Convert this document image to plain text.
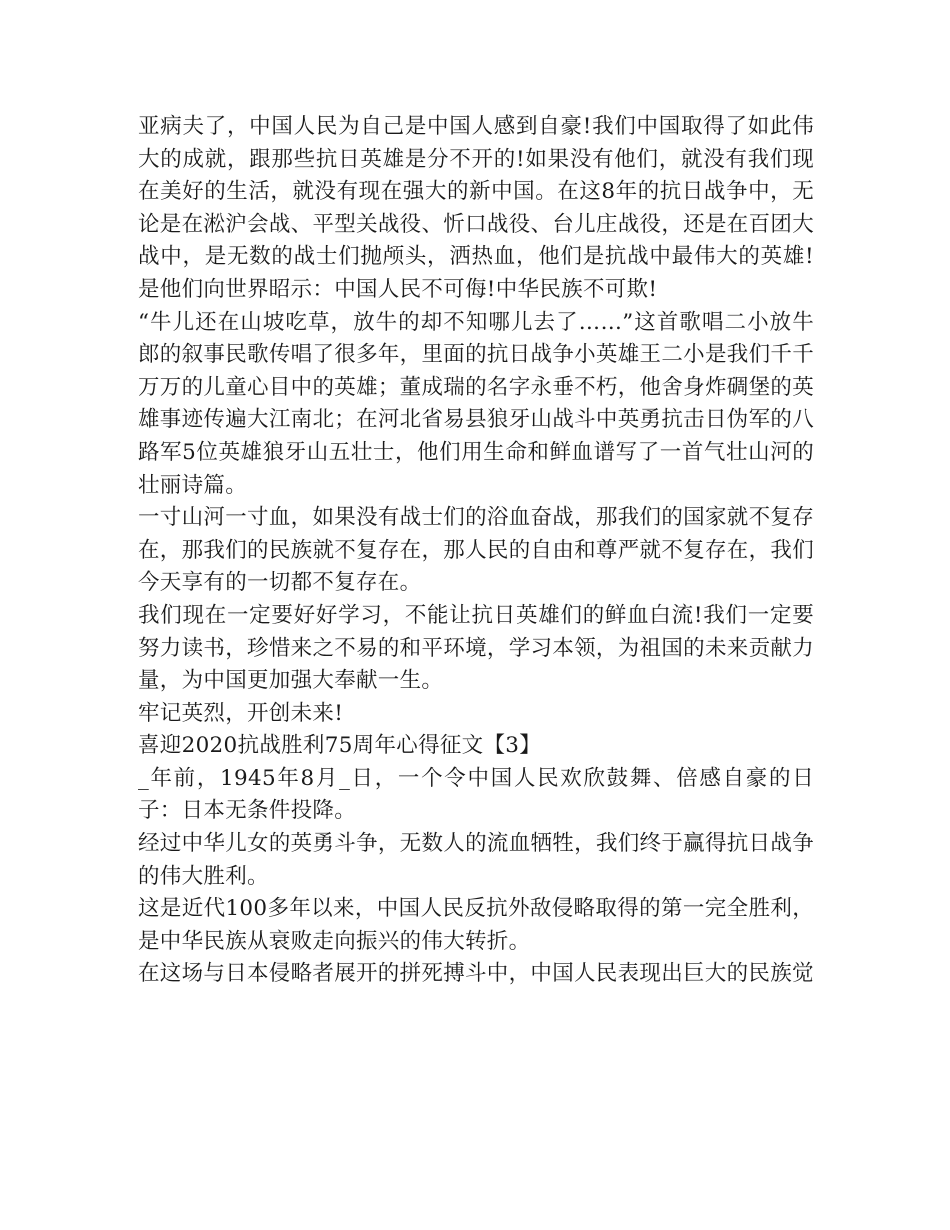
亚病夫了，中国人民为自己是中国人感到自豪!我们中国取得了如此伟大的成就，跟那些抗日英雄是分不开的!如果没有他们，就没有我们现在美好的生活，就没有现在强大的新中国。在这8年的抗日战争中，无论是在淞沪会战、平型关战役、忻口战役、台儿庄战役，还是在百团大战中，是无数的战士们抛颅头，洒热血，他们是抗战中最伟大的英雄!是他们向世界昭示：中国人民不可侮!中华民族不可欺!

“牛儿还在山坡吃草，放牛的却不知哪儿去了……”这首歌唱二小放牛郎的叙事民歌传唱了很多年，里面的抗日战争小英雄王二小是我们千千万万的儿童心目中的英雄；董成瑞的名字永垂不朽，他舍身炸碉堡的英雄事迹传遍大江南北；在河北省易县狼牙山战斗中英勇抗击日伪军的八路军5位英雄狼牙山五壮士，他们用生命和鲜血谱写了一首气壮山河的壮丽诗篇。

一寸山河一寸血，如果没有战士们的浴血奋战，那我们的国家就不复存在，那我们的民族就不复存在，那人民的自由和尊严就不复存在，我们今天享有的一切都不复存在。

我们现在一定要好好学习，不能让抗日英雄们的鲜血白流!我们一定要努力读书，珍惜来之不易的和平环境，学习本领，为祖国的未来贡献力量，为中国更加强大奉献一生。

牢记英烈，开创未来!

喜迎2020抗战胜利75周年心得征文【3】

_年前，1945年8月_日，一个令中国人民欢欣鼓舞、倍感自豪的日子：日本无条件投降。

经过中华儿女的英勇斗争，无数人的流血牺牲，我们终于赢得抗日战争的伟大胜利。

这是近代100多年以来，中国人民反抗外敌侵略取得的第一完全胜利，是中华民族从衰败走向振兴的伟大转折。

在这场与日本侵略者展开的拼死搏斗中，中国人民表现出巨大的民族觉
